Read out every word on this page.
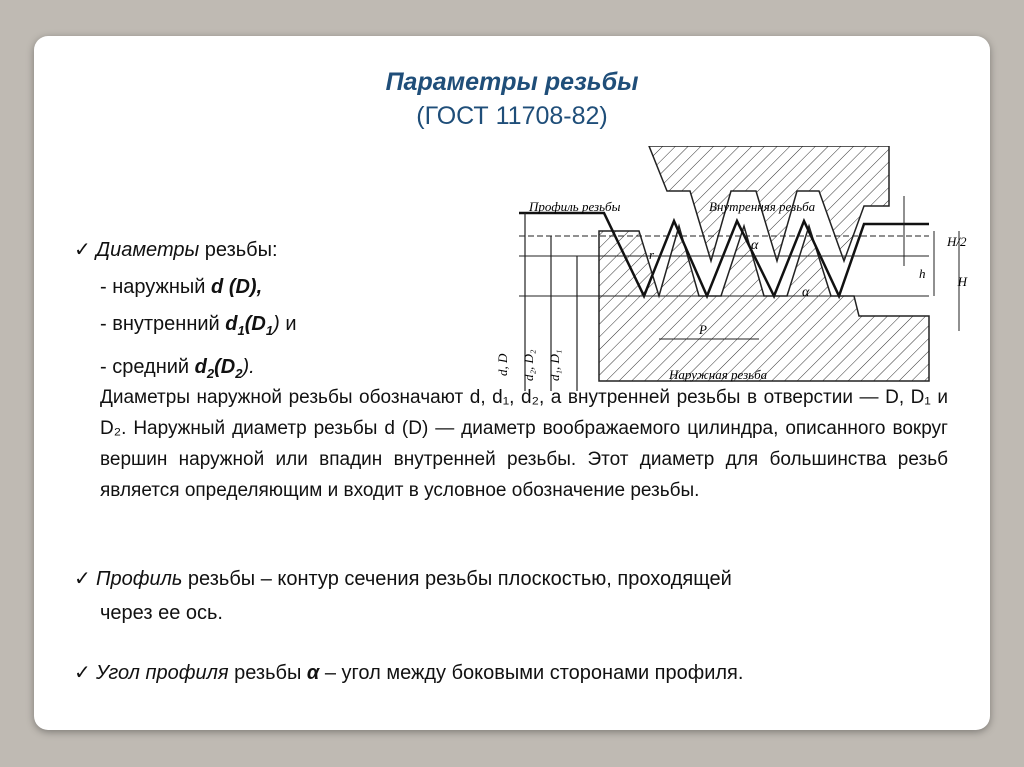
Параметры резьбы
(ГОСТ 11708-82)
✓ Диаметры резьбы:
- наружный d (D),
- внутренний $d_1(D_1)$ и
- средний $d_2(D_2)$.
Профиль резьбы	Внутренняя резьба
Наружная резьба
α
α
r
P
H/2
h
H
d, D d₂, D₂ d₁, D₁
Диаметры наружной резьбы обозначают d, d₁, d₂, а внутренней резьбы в отверстии — D, D₁ и D₂. Наружный диаметр резьбы d (D) — диаметр воображаемого цилиндра, описанного вокруг вершин наружной или впадин внутренней резьбы. Этот диаметр для большинства резьб является определяющим и входит в условное обозначение резьбы.
✓ Профиль резьбы – контур сечения резьбы плоскостью, проходящей
через ее ось.
✓ Угол профиля резьбы α – угол между боковыми сторонами профиля.
